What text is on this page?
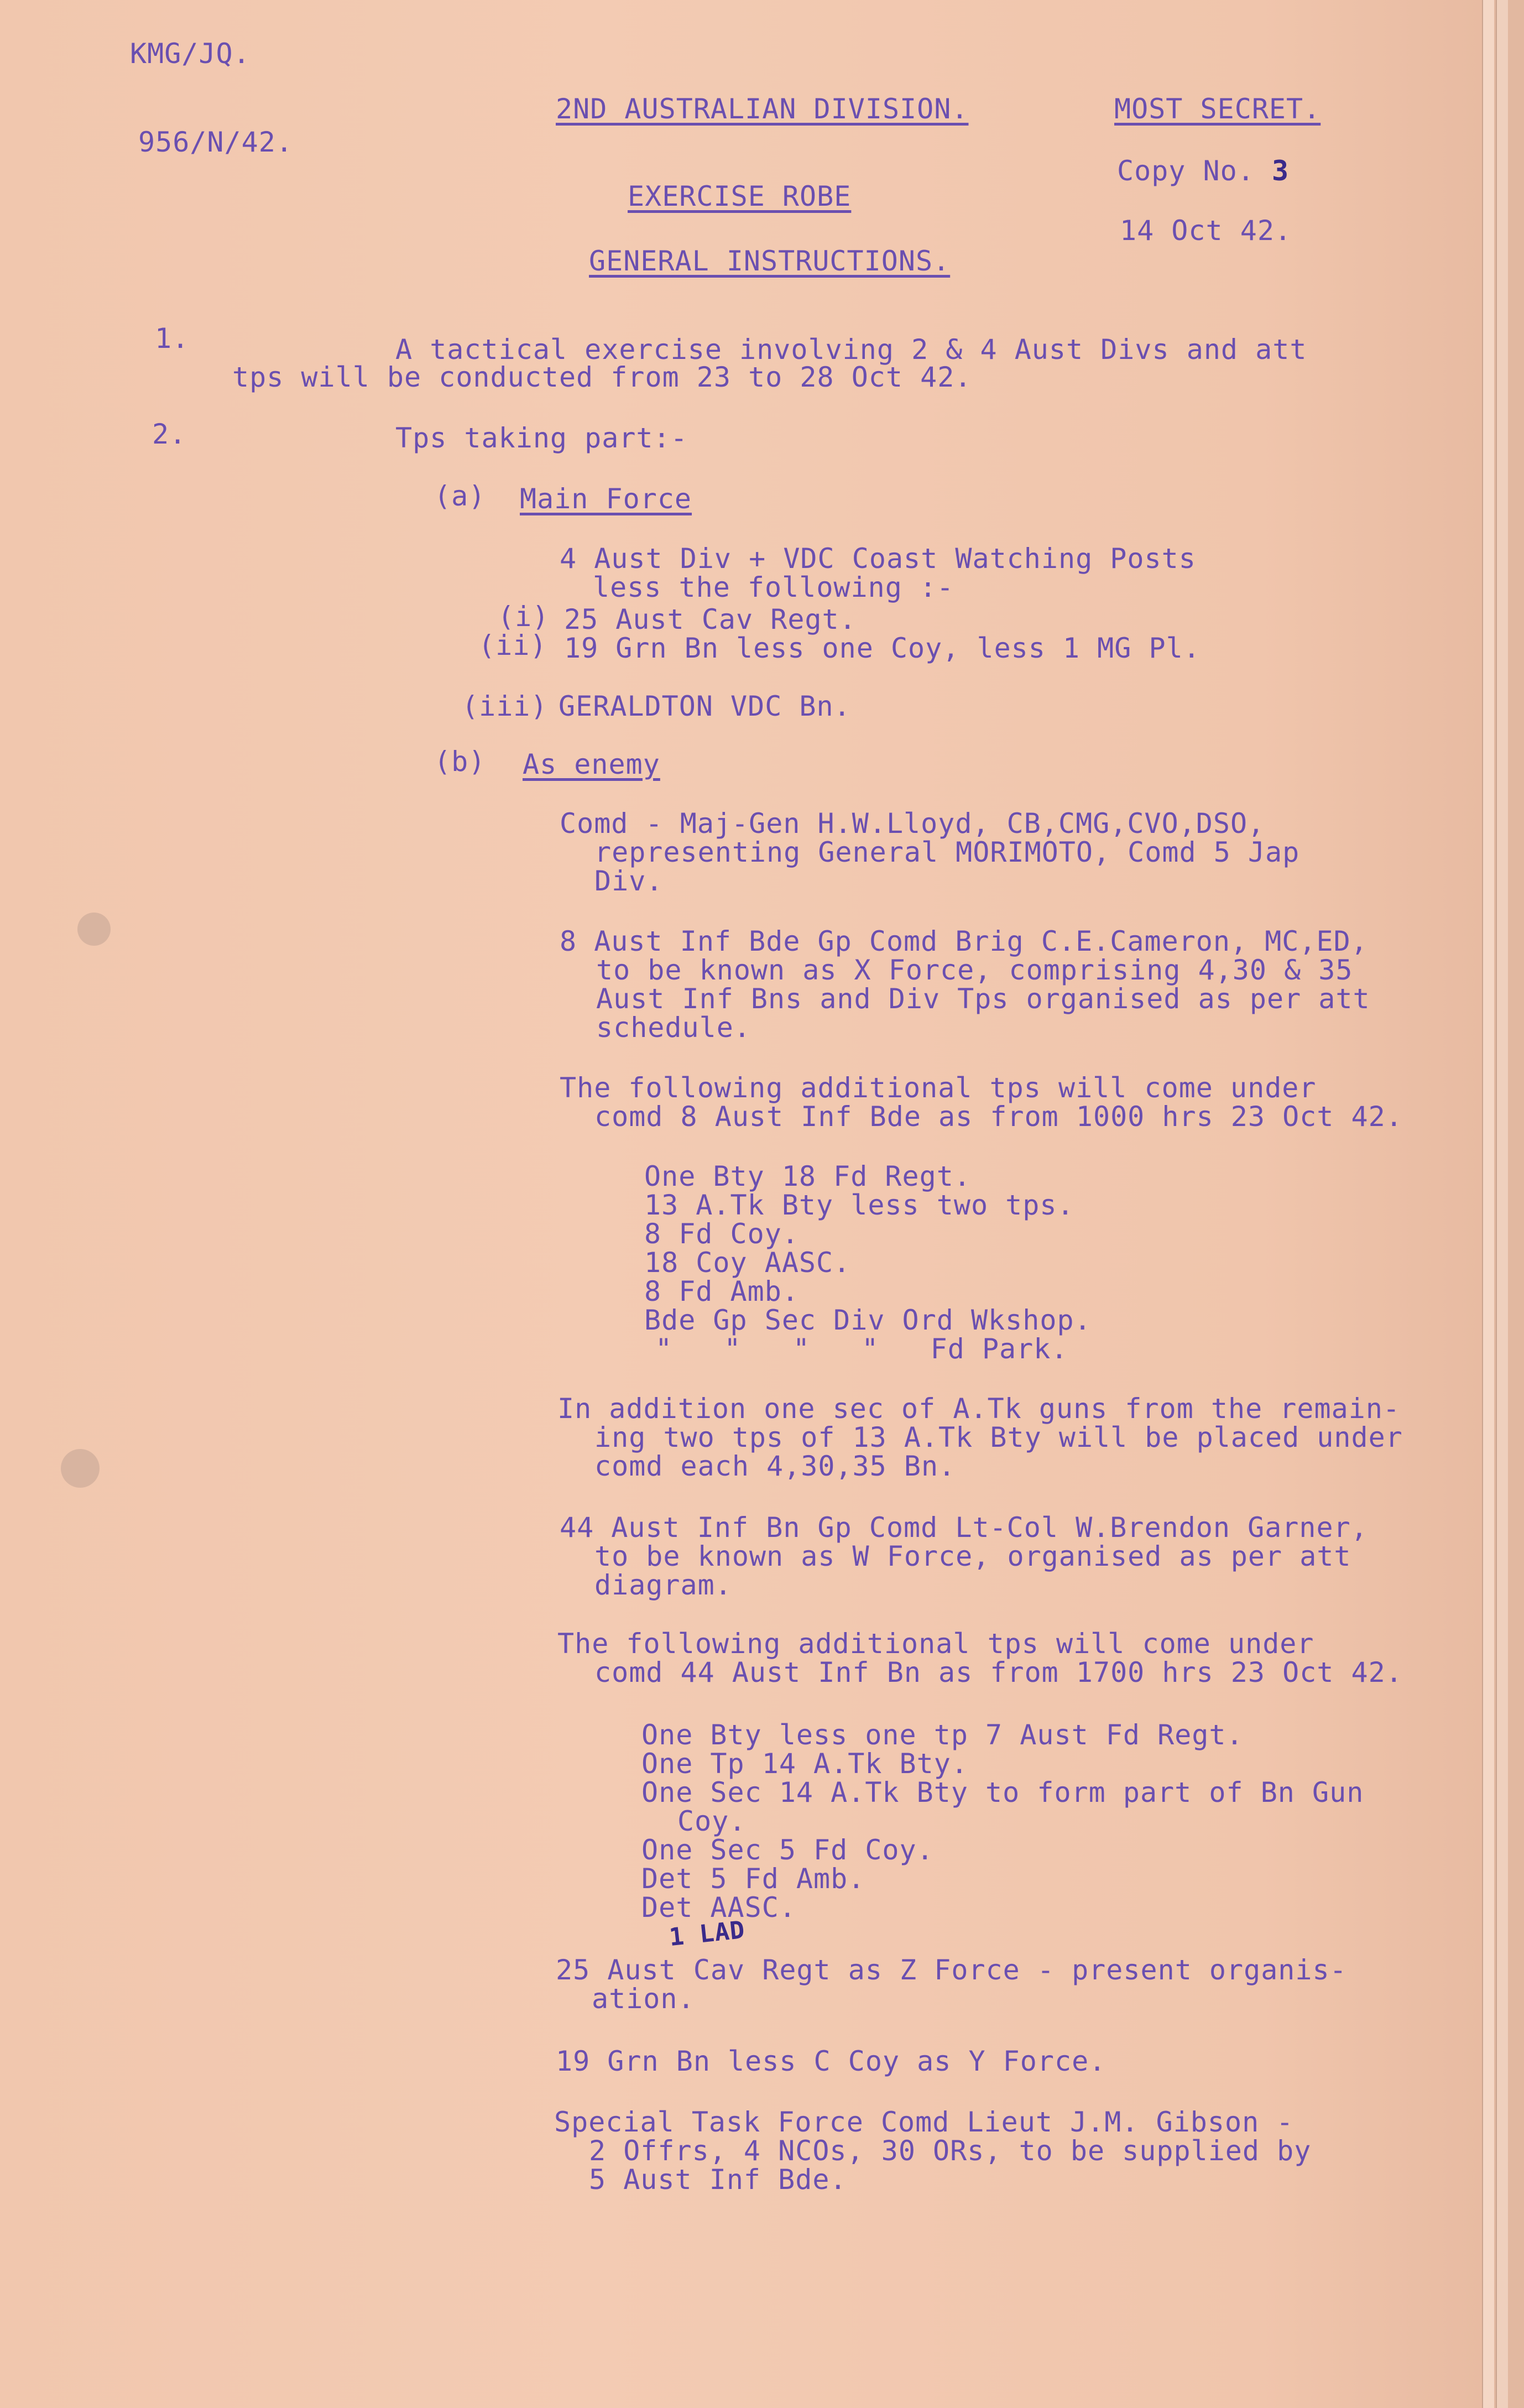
KMG/JQ.
956/N/42.
2ND AUSTRALIAN DIVISION.	MOST SECRET.
Copy No. 3
14 Oct 42.
EXERCISE ROBE
GENERAL INSTRUCTIONS.
1.	A tactical exercise involving 2 & 4 Aust Divs and att
tps will be conducted from 23 to 28 Oct 42.
2.	Tps taking part:-
(a) Main Force
4 Aust Div + VDC Coast Watching Posts
less the following :-
(i) 25 Aust Cav Regt.
(ii) 19 Grn Bn less one Coy, less 1 MG Pl.
(iii) GERALDTON VDC Bn.
(b) As enemy
Comd - Maj-Gen H.W.Lloyd, CB,CMG,CVO,DSO,
representing General MORIMOTO, Comd 5 Jap
Div.
8 Aust Inf Bde Gp Comd Brig C.E.Cameron, MC,ED,
to be known as X Force, comprising 4,30 & 35
Aust Inf Bns and Div Tps organised as per att
schedule.
The following additional tps will come under
comd 8 Aust Inf Bde as from 1000 hrs 23 Oct 42.
One Bty 18 Fd Regt.
13 A.Tk Bty less two tps.
8 Fd Coy.
18 Coy AASC.
8 Fd Amb.
Bde Gp Sec Div Ord Wkshop.
"   "   "   "   Fd Park.
In addition one sec of A.Tk guns from the remain-
ing two tps of 13 A.Tk Bty will be placed under
comd each 4,30,35 Bn.
44 Aust Inf Bn Gp Comd Lt-Col W.Brendon Garner,
to be known as W Force, organised as per att
diagram.
The following additional tps will come under
comd 44 Aust Inf Bn as from 1700 hrs 23 Oct 42.
One Bty less one tp 7 Aust Fd Regt.
One Tp 14 A.Tk Bty.
One Sec 14 A.Tk Bty to form part of Bn Gun
Coy.
One Sec 5 Fd Coy.
Det 5 Fd Amb.
Det AASC.
1 LAD
25 Aust Cav Regt as Z Force - present organis-
ation.
19 Grn Bn less C Coy as Y Force.
Special Task Force Comd Lieut J.M. Gibson -
2 Offrs, 4 NCOs, 30 ORs, to be supplied by
5 Aust Inf Bde.
